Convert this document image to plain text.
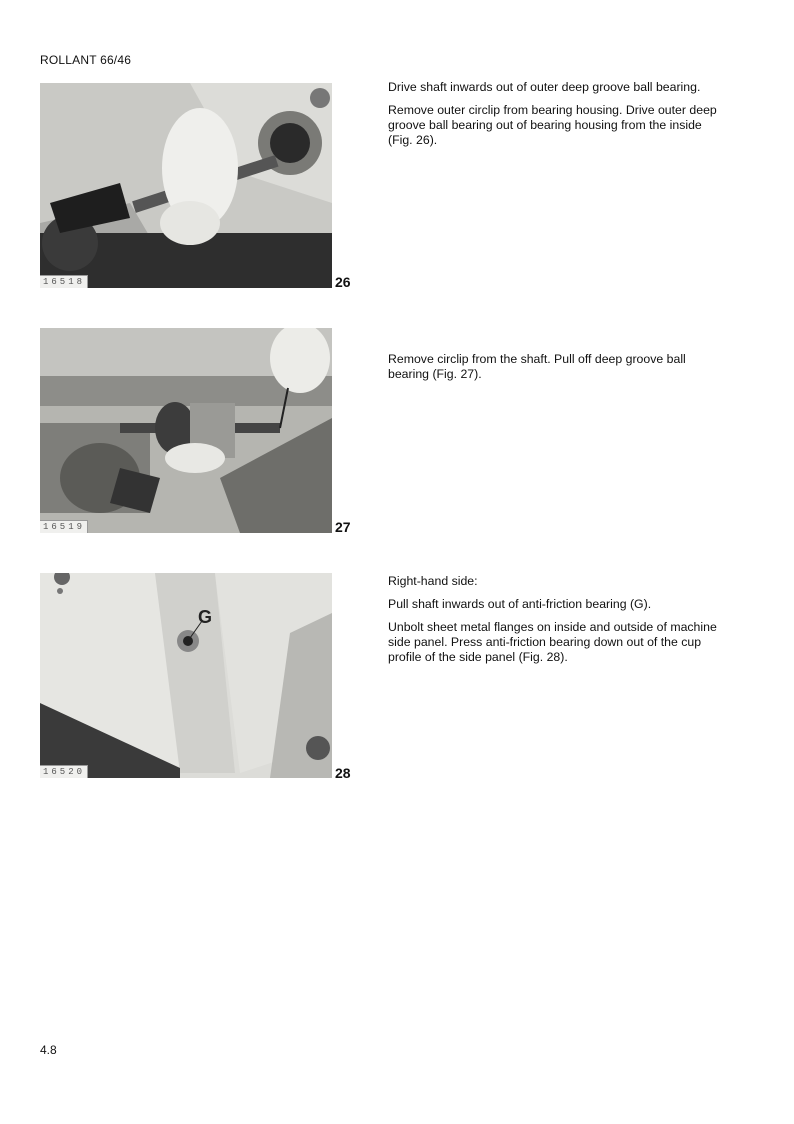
ROLLANT 66/46
16518	26

Drive shaft inwards out of outer deep groove ball bearing.

Remove outer circlip from bearing housing. Drive outer deep groove ball bearing out of bearing housing from the inside (Fig. 26).

16519	27

Remove circlip from the shaft. Pull off deep groove ball bearing (Fig. 27).

G
16520	28

Right-hand side:

Pull shaft inwards out of anti-friction bearing (G).

Unbolt sheet metal flanges on inside and outside of machine side panel. Press anti-friction bearing down out of the cup profile of the side panel (Fig. 28).

4.8
